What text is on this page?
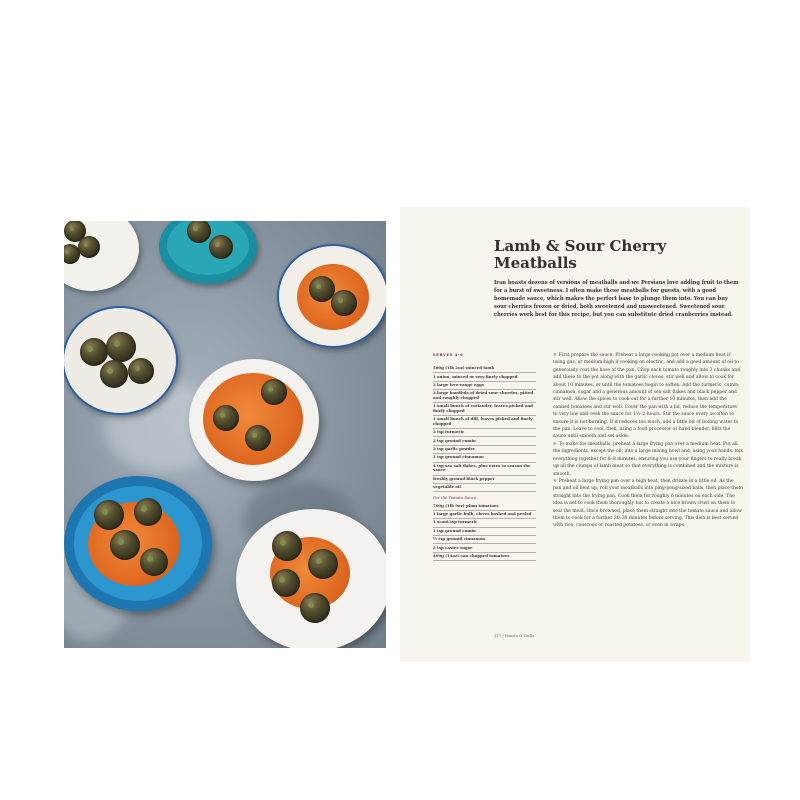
Lamb & Sour Cherry
Meatballs

Iran boasts dozens of versions of meatballs and we Persians love adding fruit to them for a burst of sweetness. I often make these meatballs for guests, with a good homemade sauce, which makes the perfect base to plunge them into. You can buy sour cherries frozen or dried, both sweetened and unsweetened. Sweetened sour cherries work best for this recipe, but you can substitute dried cranberries instead.

SERVES 4–6
500g (1lb 2oz) minced lamb
1 onion, minced or very finely chopped
2 large free-range eggs
2 large handfuls of dried sour cherries, pitted and roughly chopped
1 small bunch of coriander, leaves picked and finely chopped
1 small bunch of dill, leaves picked and finely chopped
2 tsp turmeric
2 tsp ground cumin
2 tsp garlic powder
1 tsp ground cinnamon
4 tsp sea salt flakes, plus extra to season the sauce
freshly ground black pepper
vegetable oil
For the Tomato Sauce
700g (1lb 9oz) plum tomatoes
1 large garlic bulb, cloves bashed and peeled
1 scant tsp turmeric
1 tsp ground cumin
½ tsp ground cinnamon
2 tsp caster sugar
400g (14oz) can chopped tomatoes

❊ First prepare the sauce. Preheat a large cooking pot over a medium heat if using gas, or medium-high if cooking on electric, and add a good amount of oil to generously coat the base of the pan. Chop each tomato roughly into 3 chunks and add these to the pot along with the garlic cloves, stir well and allow to cook for about 10 minutes, or until the tomatoes begin to soften. Add the turmeric, cumin, cinnamon, sugar and a generous amount of sea salt flakes and black pepper and stir well. Allow the spices to cook out for a further 10 minutes, then add the canned tomatoes and stir well. Cover the pan with a lid, reduce the temperature to very low and cook the sauce for 1½–2 hours. Stir the sauce every so often to ensure it is not burning. If it reduces too much, add a little bit of boiling water to the pan. Leave to cool, then, using a food processor or hand blender, blitz the sauce until smooth and set aside.

❊ To make the meatballs, preheat a large frying pan over a medium heat. Put all the ingredients, except the oil, into a large mixing bowl and, using your hands, mix everything together for 6–8 minutes, ensuring you use your fingers to really break up all the clumps of lamb meat so that everything is combined and the mixture is smooth.

❊ Preheat a large frying pan over a high heat, then drizzle in a little oil. As the pan and oil heat up, roll your meatballs into ping-pong-sized balls, then place them straight into the frying pan. Cook them for roughly 6 minutes on each side. The idea is not to cook them thoroughly but to create a nice brown crust on them to seal the meat. Once browned, place them straight into the tomato sauce and allow them to cook for a further 20–30 minutes before serving. This dish is best served with rice, couscous or roasted potatoes, or even in wraps.

117 / Roasts & Grills
